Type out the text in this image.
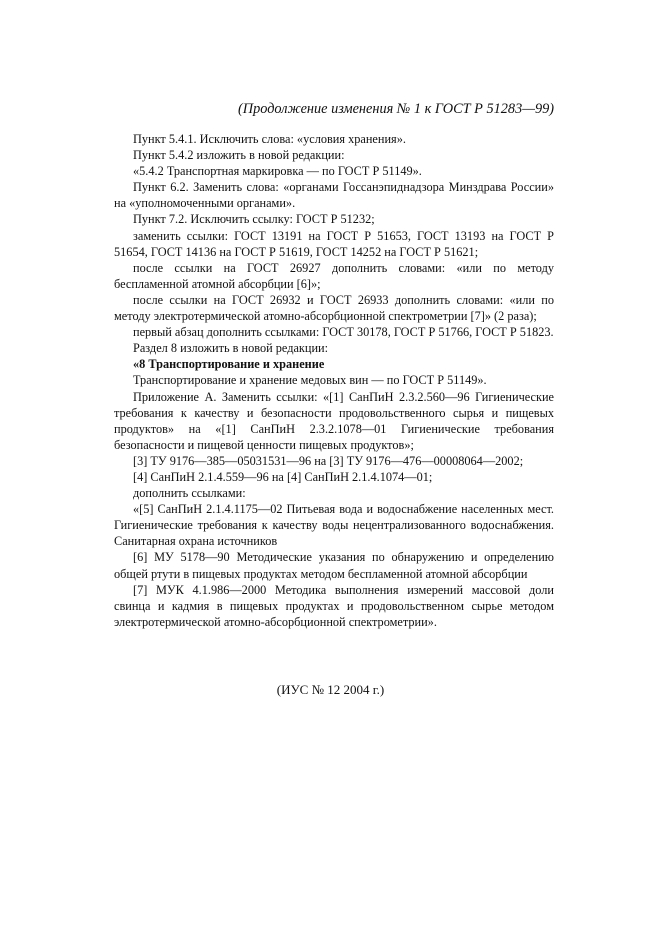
(Продолжение изменения № 1 к ГОСТ Р 51283—99)

Пункт 5.4.1. Исключить слова: «условия хранения».

Пункт 5.4.2 изложить в новой редакции:

«5.4.2 Транспортная маркировка — по ГОСТ Р 51149».

Пункт 6.2. Заменить слова: «органами Госсанэпиднадзора Минздрава России» на «уполномоченными органами».

Пункт 7.2. Исключить ссылку: ГОСТ Р 51232;

заменить ссылки: ГОСТ 13191 на ГОСТ Р 51653, ГОСТ 13193 на ГОСТ Р 51654, ГОСТ 14136 на ГОСТ Р 51619, ГОСТ 14252 на ГОСТ Р 51621;

после ссылки на ГОСТ 26927 дополнить словами: «или по методу беспламенной атомной абсорбции [6]»;

после ссылки на ГОСТ 26932 и ГОСТ 26933 дополнить словами: «или по методу электротермической атомно-абсорбционной спектрометрии [7]» (2 раза);

первый абзац дополнить ссылками: ГОСТ 30178, ГОСТ Р 51766, ГОСТ Р 51823.

Раздел 8 изложить в новой редакции:

«8 Транспортирование и хранение

Транспортирование и хранение медовых вин — по ГОСТ Р 51149».

Приложение А. Заменить ссылки: «[1] СанПиН 2.3.2.560—96 Гигиенические требования к качеству и безопасности продовольственного сырья и пищевых продуктов» на «[1] СанПиН 2.3.2.1078—01 Гигиенические требования безопасности и пищевой ценности пищевых продуктов»;

[3] ТУ 9176—385—05031531—96 на [3] ТУ 9176—476—00008064—2002;

[4] СанПиН 2.1.4.559—96 на [4] СанПиН 2.1.4.1074—01;

дополнить ссылками:

«[5] СанПиН 2.1.4.1175—02 Питьевая вода и водоснабжение населенных мест. Гигиенические требования к качеству воды нецентрализованного водоснабжения. Санитарная охрана источников

[6] МУ 5178—90 Методические указания по обнаружению и определению общей ртути в пищевых продуктах методом беспламенной атомной абсорбции

[7] МУК 4.1.986—2000 Методика выполнения измерений массовой доли свинца и кадмия в пищевых продуктах и продовольственном сырье методом электротермической атомно-абсорбционной спектрометрии».

(ИУС № 12 2004 г.)
